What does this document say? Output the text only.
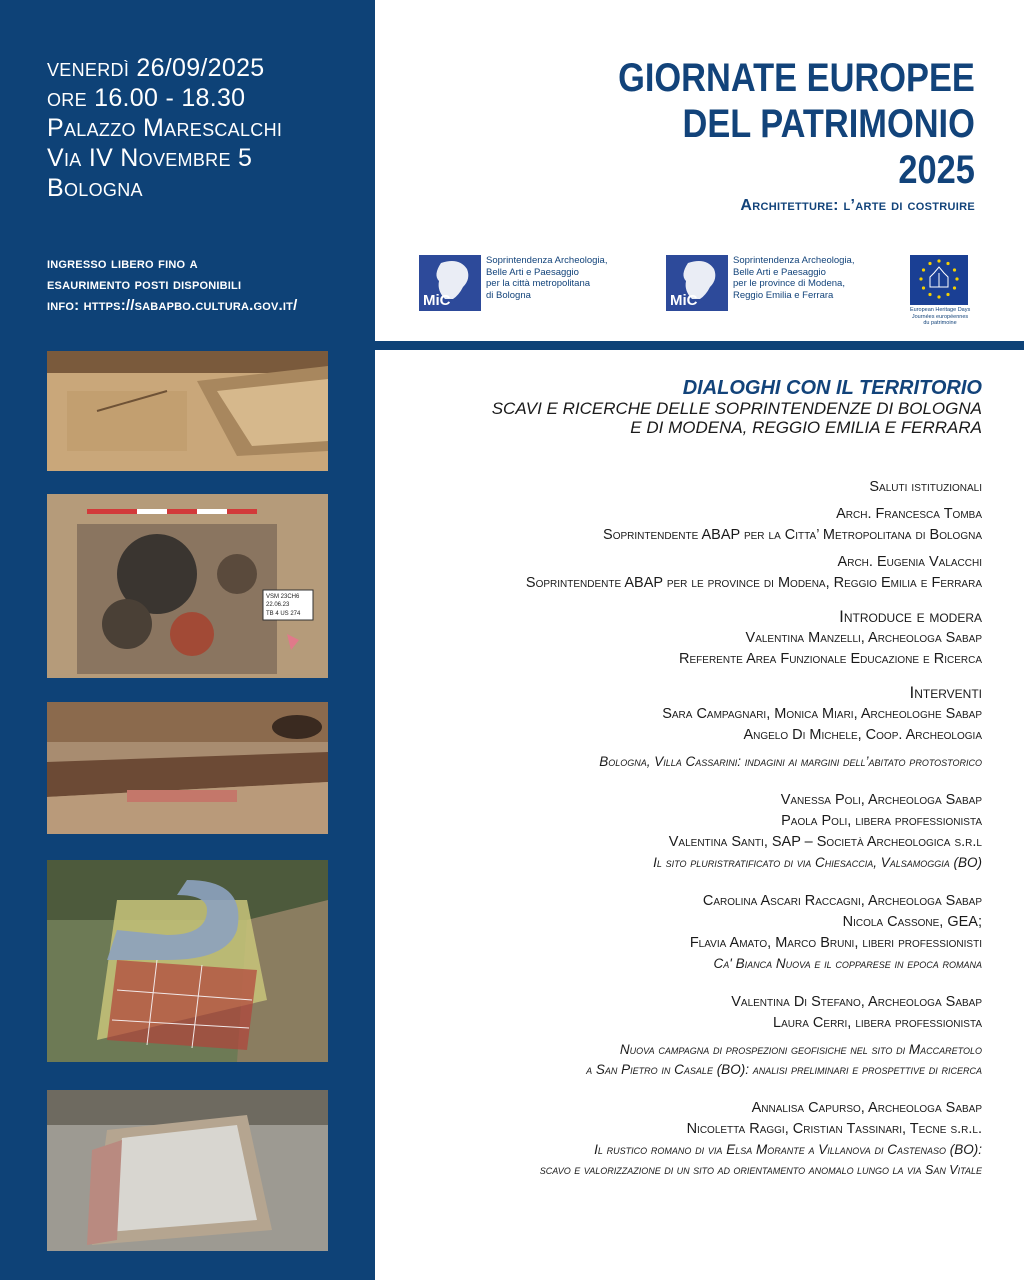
venerdì 26/09/2025
ore 16.00 - 18.30
Palazzo Marescalchi
Via IV Novembre 5
Bologna
ingresso libero fino a
esaurimento posti disponibili
info: https://sabapbo.cultura.gov.it/
VSM 23CH6
22.06.23
TB 4 US 274
GIORNATE EUROPEE
DEL PATRIMONIO
2025
Architetture: l’arte di costruire
MiC
Soprintendenza Archeologia,
Belle Arti e Paesaggio
per la città metropolitana
di Bologna	MiC
Soprintendenza Archeologia,
Belle Arti e Paesaggio
per le province di Modena,
Reggio Emilia e Ferrara
European Heritage Days
Journées européennes
du patrimoine
DIALOGHI CON IL TERRITORIO
SCAVI E RICERCHE DELLE SOPRINTENDENZE DI BOLOGNA
E DI MODENA, REGGIO EMILIA E FERRARA
Saluti istituzionali
Arch. Francesca Tomba
Soprintendente ABAP per la Citta’ Metropolitana di Bologna
Arch. Eugenia Valacchi
Soprintendente ABAP per le province di Modena, Reggio Emilia e Ferrara
Introduce e modera
Valentina Manzelli, Archeologa Sabap
Referente Area Funzionale Educazione e Ricerca
Interventi
Sara Campagnari, Monica Miari, Archeologhe Sabap
Angelo Di Michele, Coop. Archeologia
Bologna, Villa Cassarini: indagini ai margini dell’abitato protostorico
Vanessa Poli, Archeologa Sabap
Paola Poli, libera professionista
Valentina Santi, SAP – Società Archeologica s.r.l
Il sito pluristratificato di via Chiesaccia, Valsamoggia (BO)
Carolina Ascari Raccagni, Archeologa Sabap
Nicola Cassone, GEA;
Flavia Amato, Marco Bruni, liberi professionisti
Ca' Bianca Nuova e il copparese in epoca romana
Valentina Di Stefano, Archeologa Sabap
Laura Cerri, libera professionista
Nuova campagna di prospezioni geofisiche nel sito di Maccaretolo
a San Pietro in Casale (BO): analisi preliminari e prospettive di ricerca
Annalisa Capurso, Archeologa Sabap
Nicoletta Raggi, Cristian Tassinari, Tecne s.r.l.
Il rustico romano di via Elsa Morante a Villanova di Castenaso (BO):
scavo e valorizzazione di un sito ad orientamento anomalo lungo la via San Vitale
